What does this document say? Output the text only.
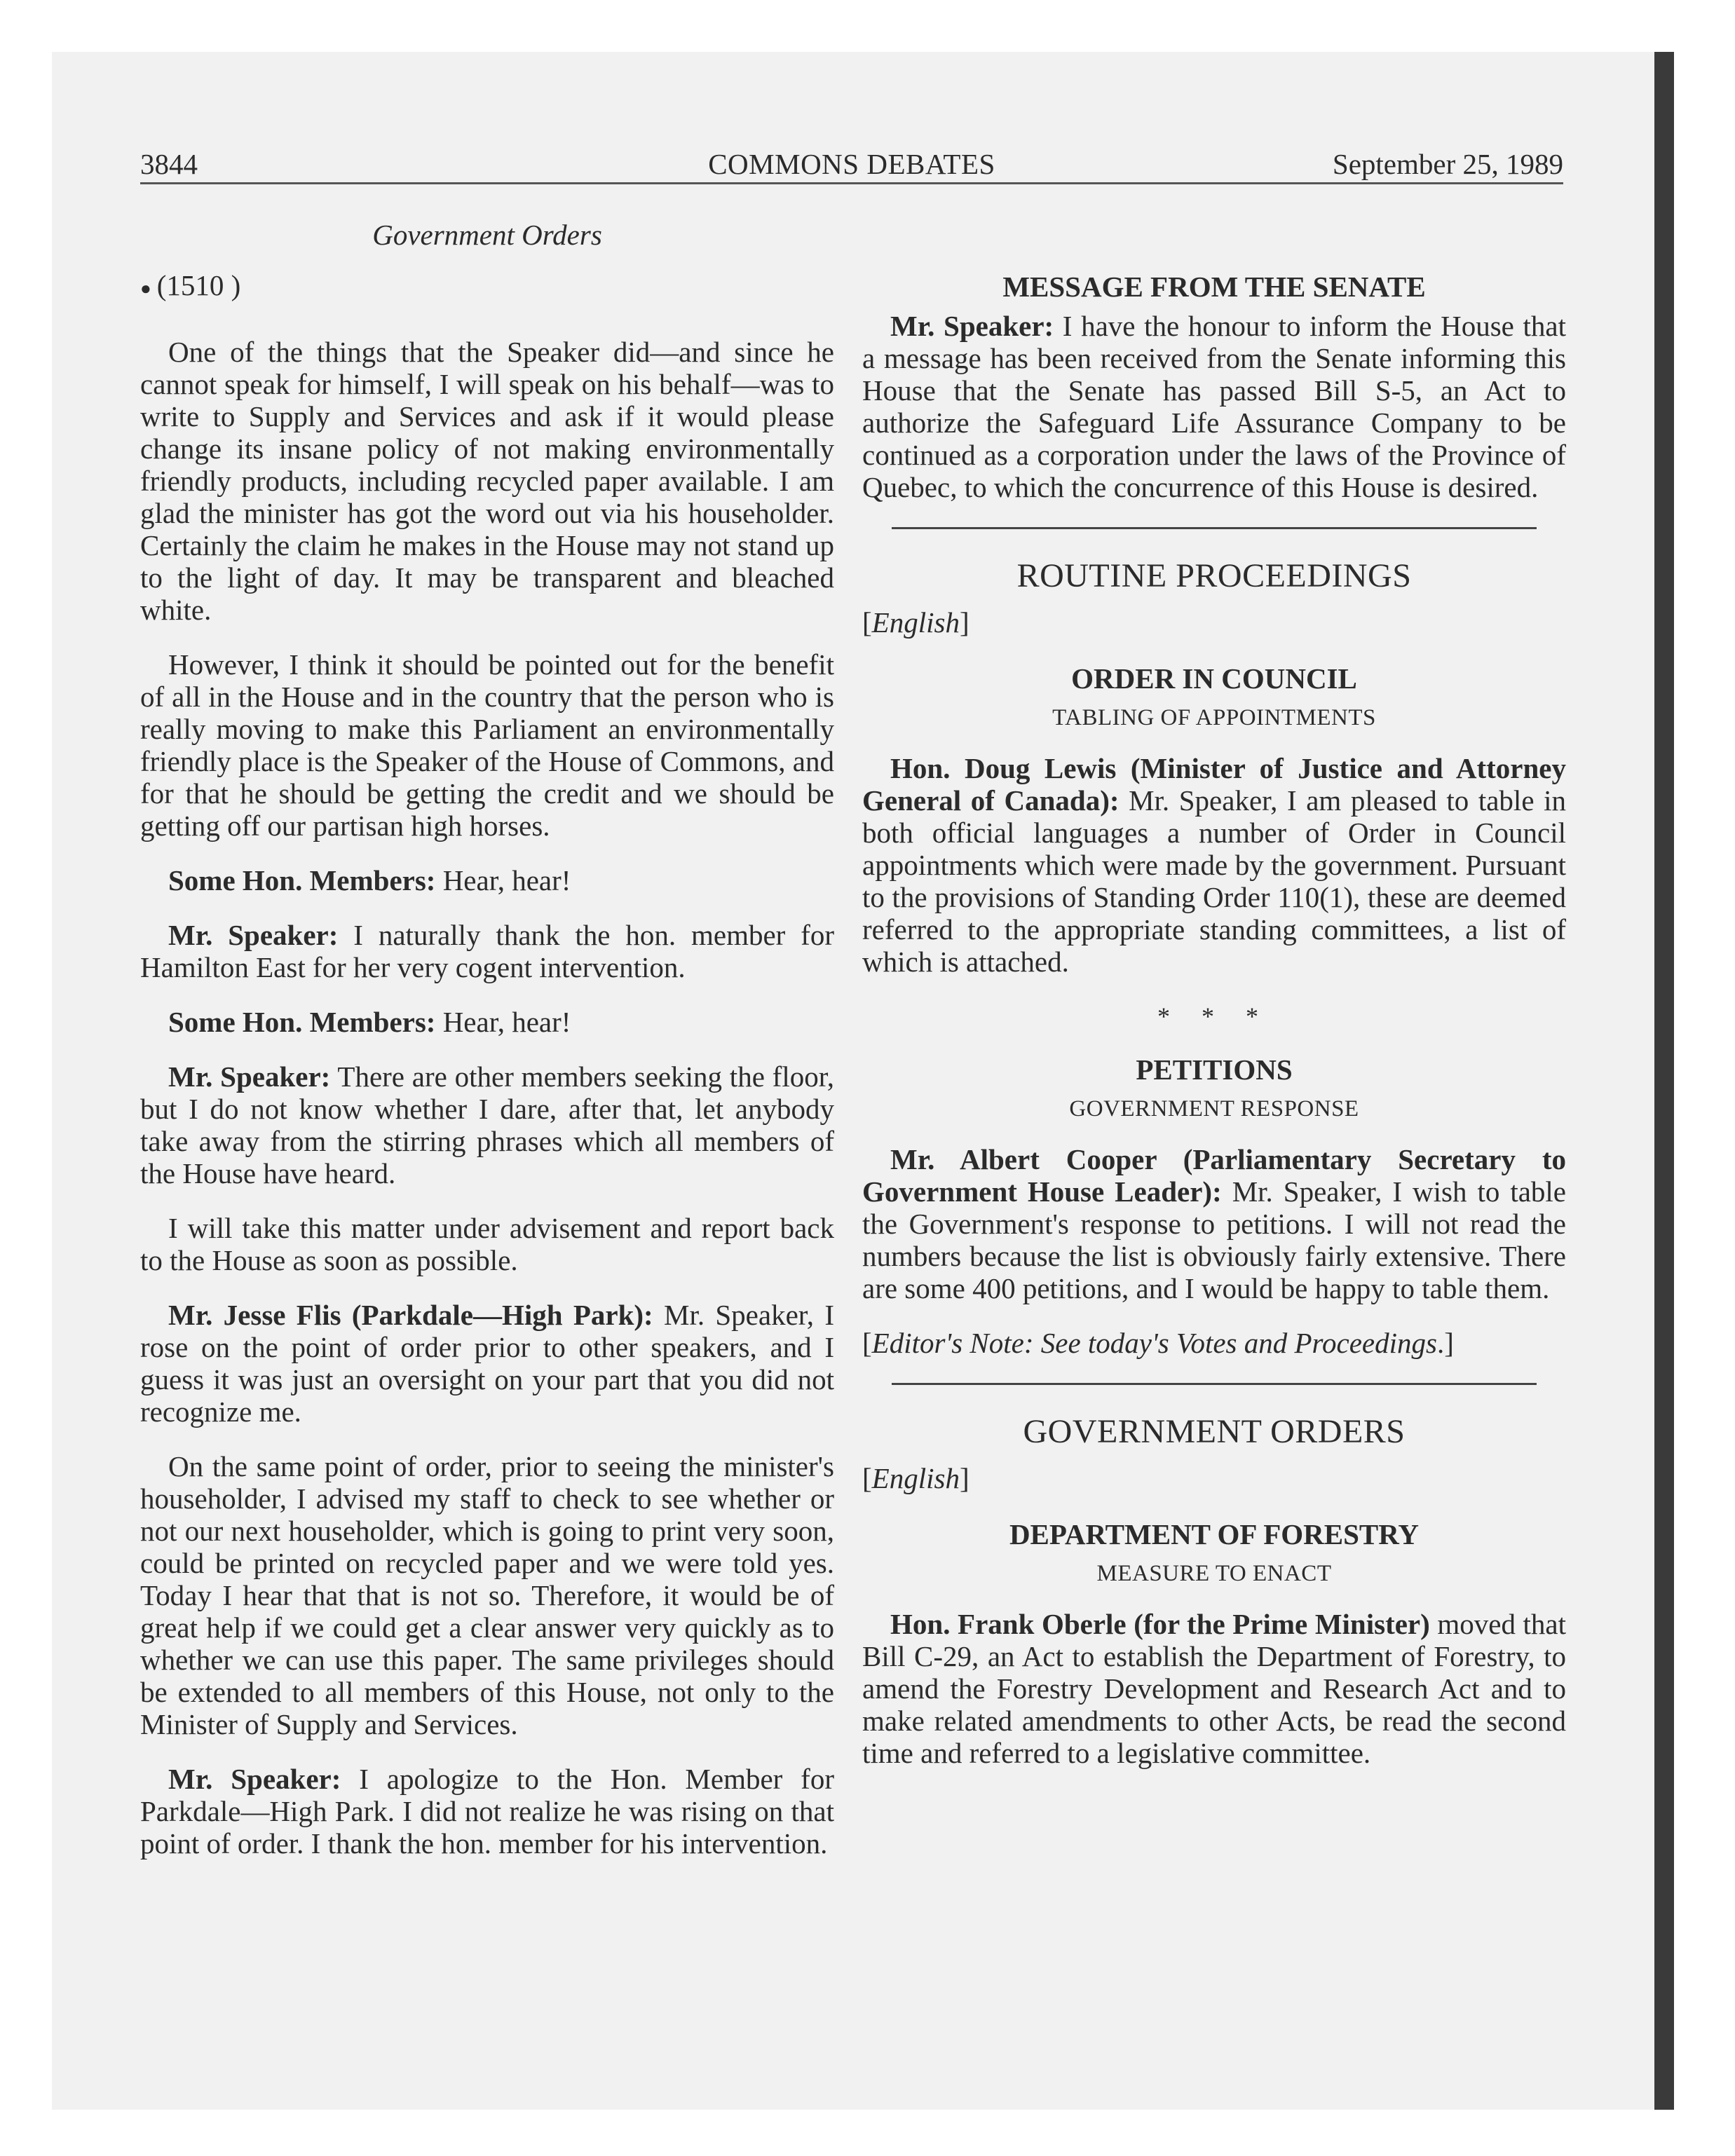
3844	COMMONS DEBATES	September 25, 1989
Government Orders
● (1510 )

One of the things that the Speaker did—and since he cannot speak for himself, I will speak on his behalf—was to write to Supply and Services and ask if it would please change its insane policy of not making environmentally friendly products, including recycled paper available. I am glad the minister has got the word out via his householder. Certainly the claim he makes in the House may not stand up to the light of day. It may be transparent and bleached white.

However, I think it should be pointed out for the benefit of all in the House and in the country that the person who is really moving to make this Parliament an environmentally friendly place is the Speaker of the House of Commons, and for that he should be getting the credit and we should be getting off our partisan high horses.

Some Hon. Members: Hear, hear!

Mr. Speaker: I naturally thank the hon. member for Hamilton East for her very cogent intervention.

Some Hon. Members: Hear, hear!

Mr. Speaker: There are other members seeking the floor, but I do not know whether I dare, after that, let anybody take away from the stirring phrases which all members of the House have heard.

I will take this matter under advisement and report back to the House as soon as possible.

Mr. Jesse Flis (Parkdale—High Park): Mr. Speaker, I rose on the point of order prior to other speakers, and I guess it was just an oversight on your part that you did not recognize me.

On the same point of order, prior to seeing the minister's householder, I advised my staff to check to see whether or not our next householder, which is going to print very soon, could be printed on recycled paper and we were told yes. Today I hear that that is not so. Therefore, it would be of great help if we could get a clear answer very quickly as to whether we can use this paper. The same privileges should be extended to all members of this House, not only to the Minister of Supply and Services.

Mr. Speaker: I apologize to the Hon. Member for Parkdale—High Park. I did not realize he was rising on that point of order. I thank the hon. member for his intervention.

MESSAGE FROM THE SENATE

Mr. Speaker: I have the honour to inform the House that a message has been received from the Senate informing this House that the Senate has passed Bill S-5, an Act to authorize the Safeguard Life Assurance Company to be continued as a corporation under the laws of the Province of Quebec, to which the concurrence of this House is desired.

ROUTINE PROCEEDINGS
[English]
ORDER IN COUNCIL
TABLING OF APPOINTMENTS

Hon. Doug Lewis (Minister of Justice and Attorney General of Canada): Mr. Speaker, I am pleased to table in both official languages a number of Order in Council appointments which were made by the government. Pursuant to the provisions of Standing Order 110(1), these are deemed referred to the appropriate standing committees, a list of which is attached.

* * *
PETITIONS
GOVERNMENT RESPONSE

Mr. Albert Cooper (Parliamentary Secretary to Government House Leader): Mr. Speaker, I wish to table the Government's response to petitions. I will not read the numbers because the list is obviously fairly extensive. There are some 400 petitions, and I would be happy to table them.

[Editor's Note: See today's Votes and Proceedings.]
GOVERNMENT ORDERS
[English]
DEPARTMENT OF FORESTRY
MEASURE TO ENACT

Hon. Frank Oberle (for the Prime Minister) moved that Bill C-29, an Act to establish the Department of Forestry, to amend the Forestry Development and Research Act and to make related amendments to other Acts, be read the second time and referred to a legislative committee.
